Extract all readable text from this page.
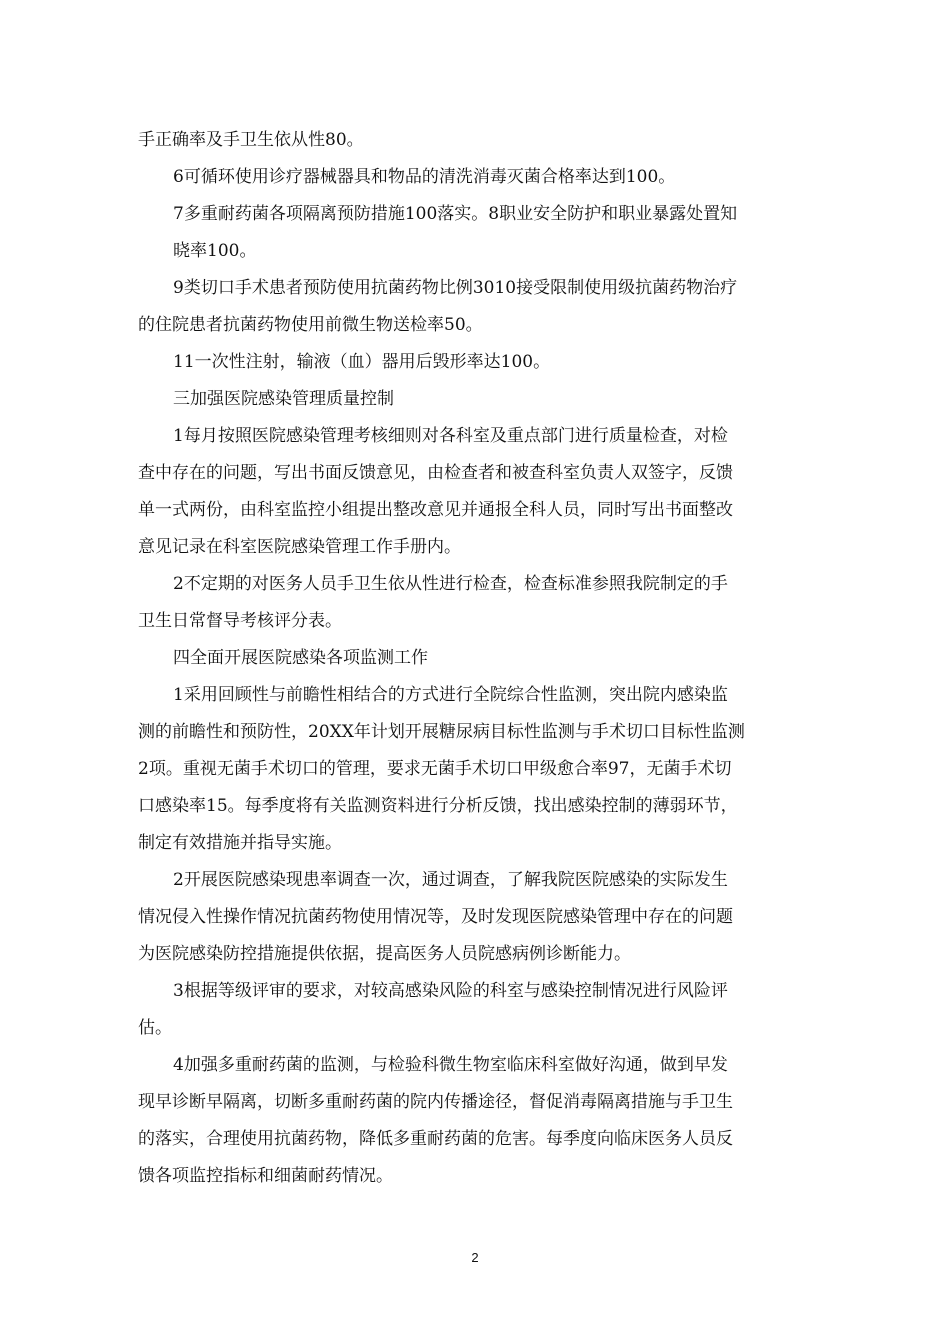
手正确率及手卫生依从性80。
6可循环使用诊疗器械器具和物品的清洗消毒灭菌合格率达到100。
7多重耐药菌各项隔离预防措施100落实。8职业安全防护和职业暴露处置知
晓率100。
9类切口手术患者预防使用抗菌药物比例3010接受限制使用级抗菌药物治疗
的住院患者抗菌药物使用前微生物送检率50。
11一次性注射，输液（血）器用后毁形率达100。
三加强医院感染管理质量控制
1每月按照医院感染管理考核细则对各科室及重点部门进行质量检查，对检
查中存在的问题，写出书面反馈意见，由检查者和被查科室负责人双签字，反馈
单一式两份，由科室监控小组提出整改意见并通报全科人员，同时写出书面整改
意见记录在科室医院感染管理工作手册内。
2不定期的对医务人员手卫生依从性进行检查，检查标准参照我院制定的手
卫生日常督导考核评分表。
四全面开展医院感染各项监测工作
1采用回顾性与前瞻性相结合的方式进行全院综合性监测，突出院内感染监
测的前瞻性和预防性，20XX年计划开展糖尿病目标性监测与手术切口目标性监测
2项。重视无菌手术切口的管理，要求无菌手术切口甲级愈合率97，无菌手术切
口感染率15。每季度将有关监测资料进行分析反馈，找出感染控制的薄弱环节，
制定有效措施并指导实施。
2开展医院感染现患率调查一次，通过调查，了解我院医院感染的实际发生
情况侵入性操作情况抗菌药物使用情况等，及时发现医院感染管理中存在的问题
为医院感染防控措施提供依据，提高医务人员院感病例诊断能力。
3根据等级评审的要求，对较高感染风险的科室与感染控制情况进行风险评
估。
4加强多重耐药菌的监测，与检验科微生物室临床科室做好沟通，做到早发
现早诊断早隔离，切断多重耐药菌的院内传播途径，督促消毒隔离措施与手卫生
的落实，合理使用抗菌药物，降低多重耐药菌的危害。每季度向临床医务人员反
馈各项监控指标和细菌耐药情况。
2
